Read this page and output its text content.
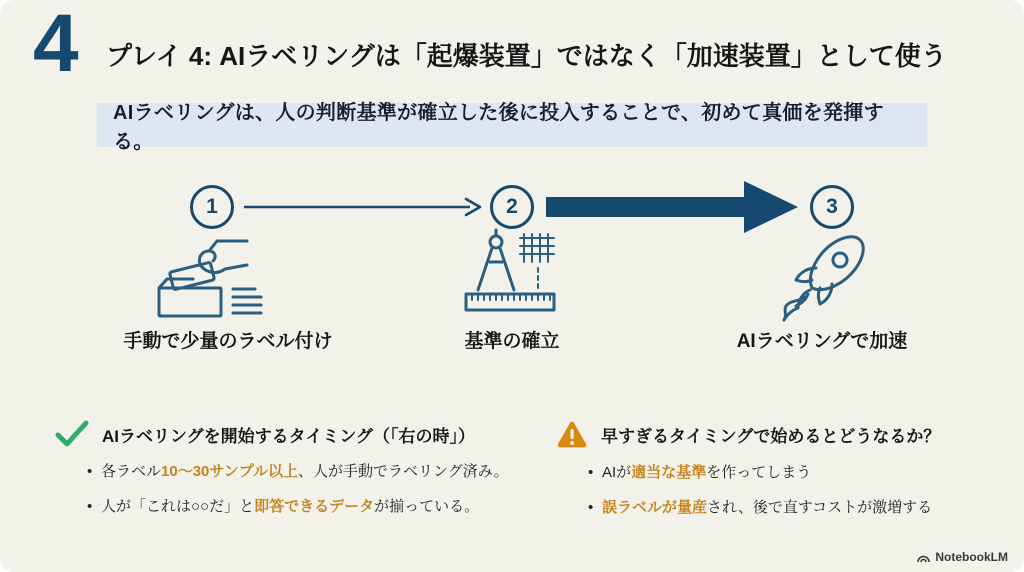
4 プレイ 4: AIラベリングは「起爆装置」ではなく「加速装置」として使う
AIラベリングは、人の判断基準が確立した後に投入することで、初めて真価を発揮する。
1	2	3
手動で少量のラベル付け	基準の確立	AIラベリングで加速
AIラベリングを開始するタイミング（「右の時」）
• 各ラベル10〜30サンプル以上、人が手動でラベリング済み。
• 人が「これは○○だ」と即答できるデータが揃っている。
早すぎるタイミングで始めるとどうなるか？
• AIが適当な基準を作ってしまう
• 誤ラベルが量産され、後で直すコストが激増する
NotebookLM
